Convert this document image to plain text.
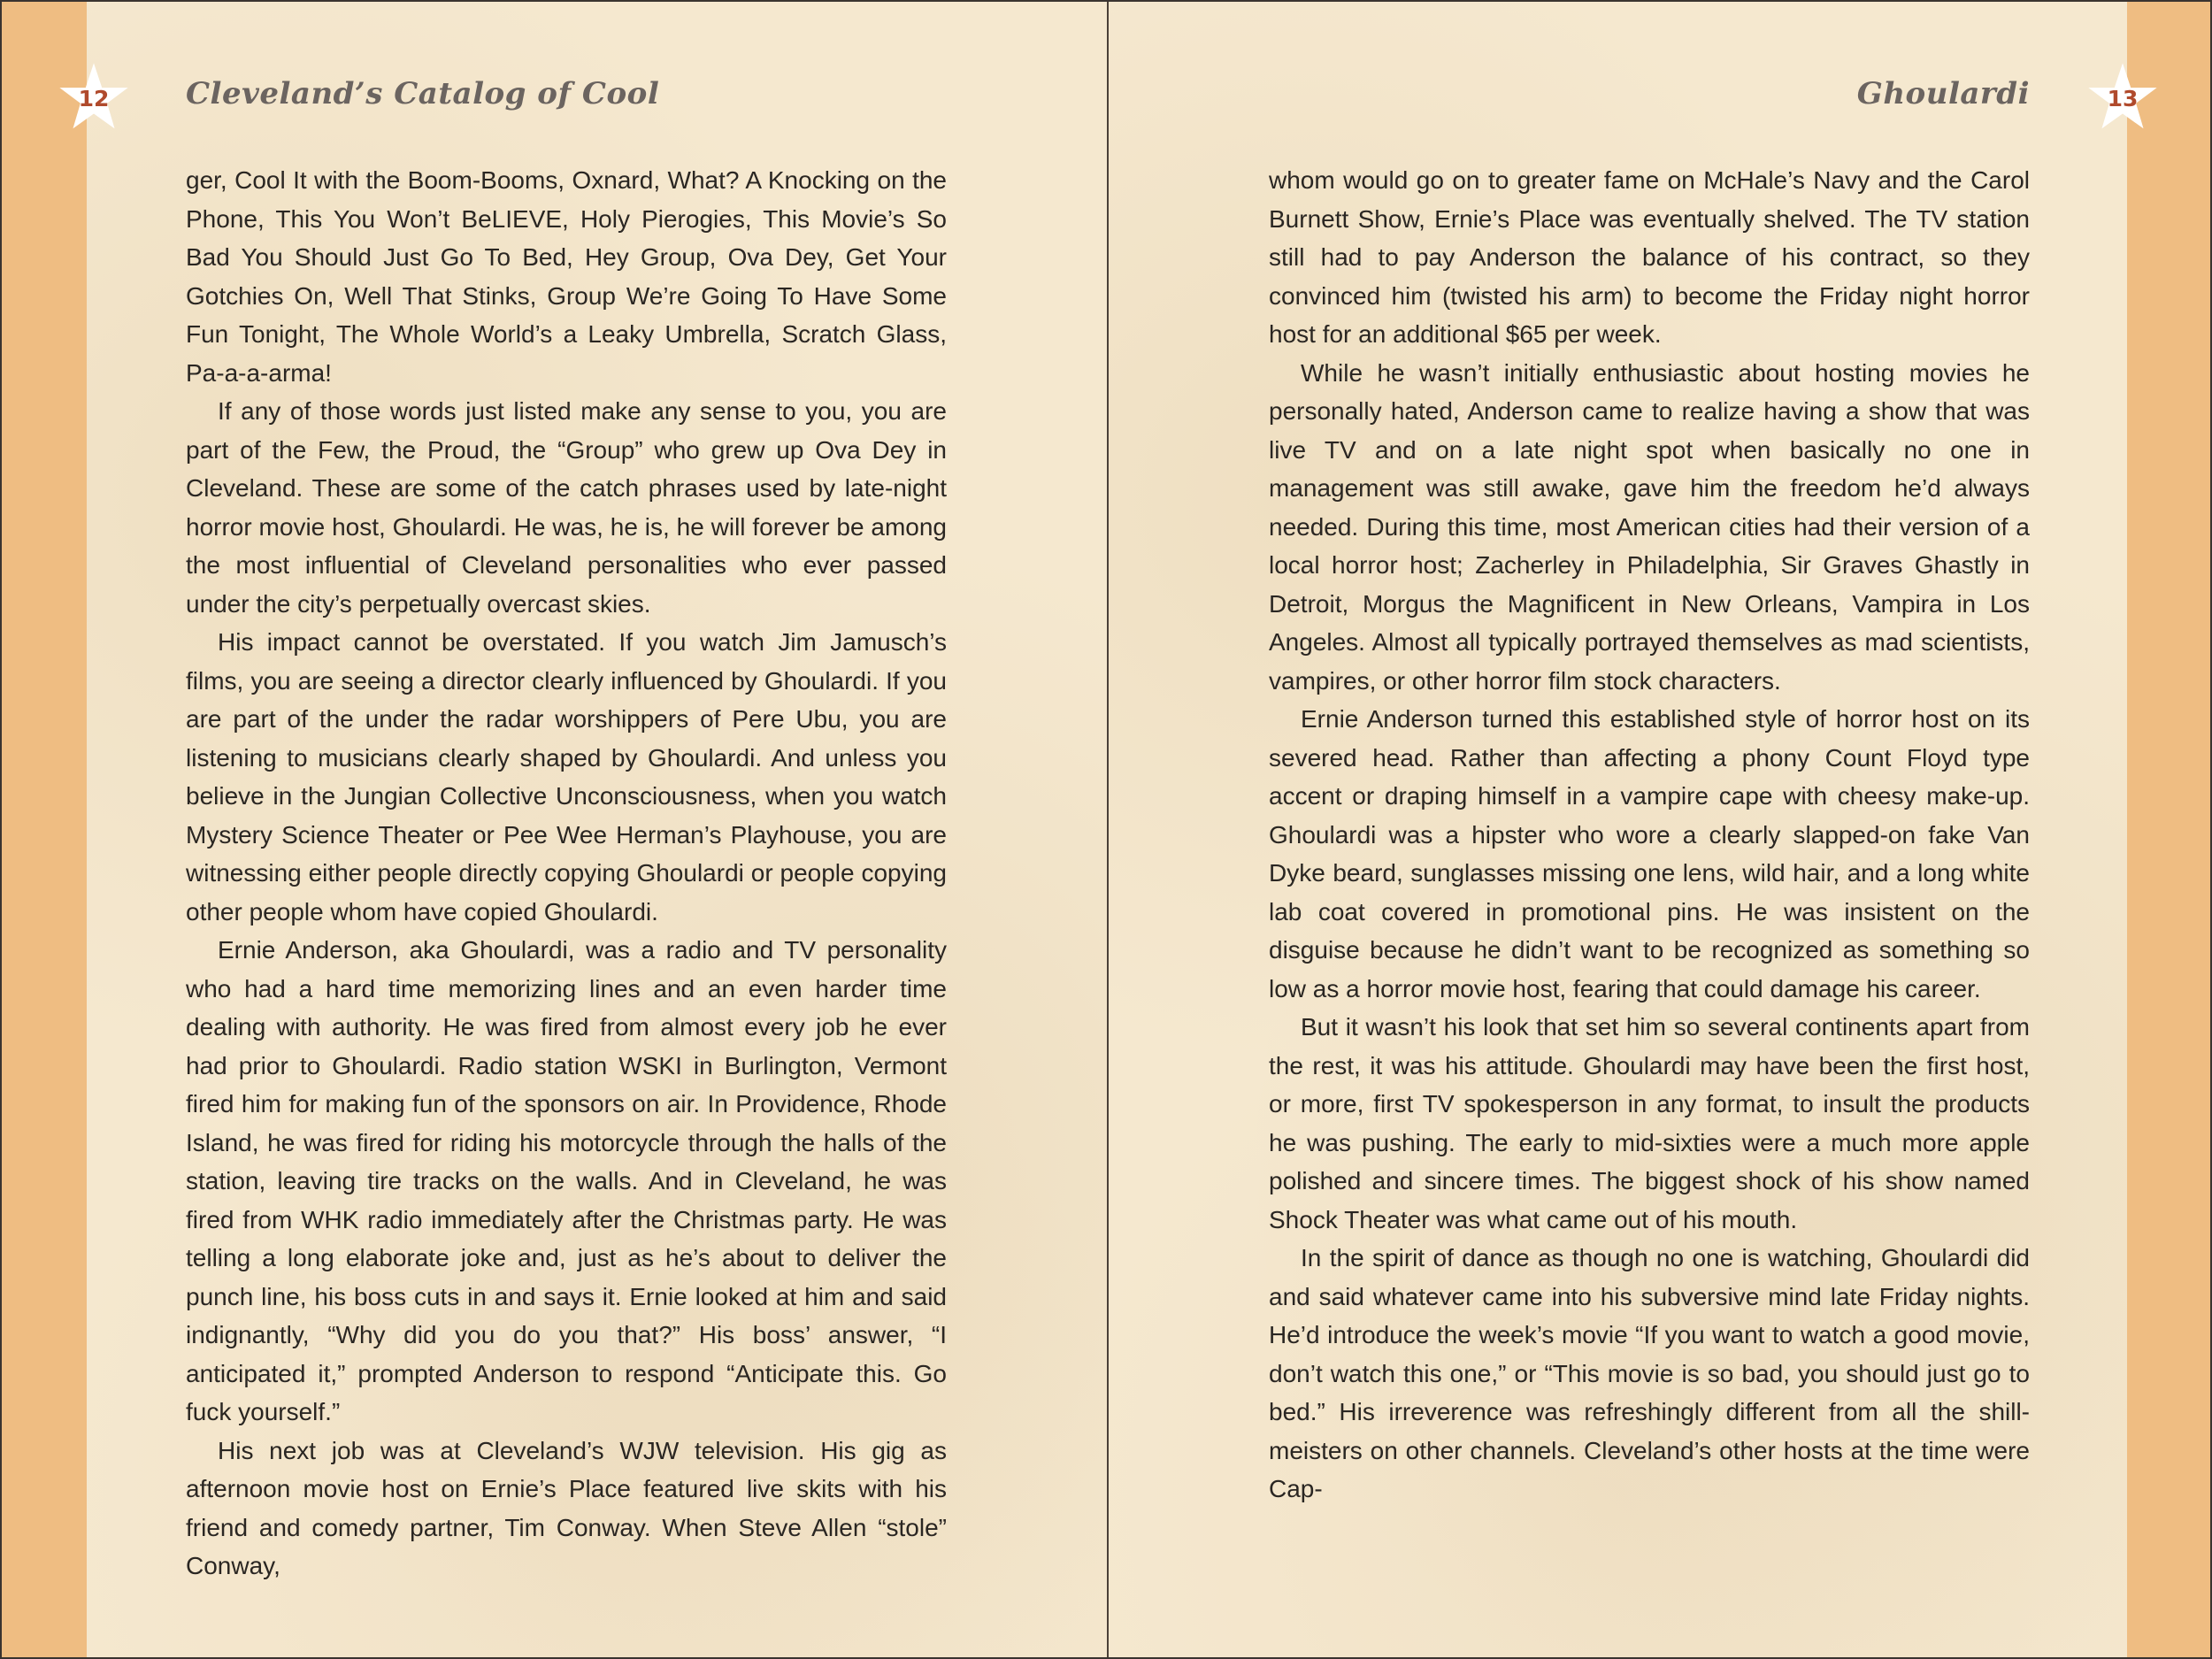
12	13
Cleveland’s Catalog of Cool	Ghoulardi

ger, Cool It with the Boom-Booms, Oxnard, What? A Knocking on the Phone, This You Won’t BeLIEVE, Holy Pierogies, This Movie’s So Bad You Should Just Go To Bed, Hey Group, Ova Dey, Get Your Gotchies On, Well That Stinks, Group We’re Going To Have Some Fun Tonight, The Whole World’s a Leaky Umbrella, Scratch Glass, Pa-a-a-arma!

If any of those words just listed make any sense to you, you are part of the Few, the Proud, the “Group” who grew up Ova Dey in Cleveland. These are some of the catch phrases used by late-night horror movie host, Ghoulardi. He was, he is, he will forever be among the most influential of Cleveland personalities who ever passed under the city’s perpetually overcast skies.

His impact cannot be overstated. If you watch Jim Jamusch’s films, you are seeing a director clearly influenced by Ghoulardi. If you are part of the under the radar worshippers of Pere Ubu, you are listening to musicians clearly shaped by Ghoulardi. And unless you believe in the Jungian Collective Unconsciousness, when you watch Mystery Science Theater or Pee Wee Herman’s Playhouse, you are witnessing either people directly copying Ghoulardi or people copying other people whom have copied Ghoulardi.

Ernie Anderson, aka Ghoulardi, was a radio and TV personality who had a hard time memorizing lines and an even harder time dealing with authority. He was fired from almost every job he ever had prior to Ghoulardi. Radio station WSKI in Burlington, Vermont fired him for making fun of the sponsors on air. In Providence, Rhode Island, he was fired for riding his motorcycle through the halls of the station, leaving tire tracks on the walls. And in Cleveland, he was fired from WHK radio immediately after the Christmas party. He was telling a long elaborate joke and, just as he’s about to deliver the punch line, his boss cuts in and says it. Ernie looked at him and said indignantly, “Why did you do you that?” His boss’ answer, “I anticipated it,” prompted Anderson to respond “Anticipate this. Go fuck yourself.”

His next job was at Cleveland’s WJW television. His gig as afternoon movie host on Ernie’s Place featured live skits with his friend and comedy partner, Tim Conway. When Steve Allen “stole” Conway,

whom would go on to greater fame on McHale’s Navy and the Carol Burnett Show, Ernie’s Place was eventually shelved. The TV station still had to pay Anderson the balance of his contract, so they convinced him (twisted his arm) to become the Friday night horror host for an additional $65 per week.

While he wasn’t initially enthusiastic about hosting movies he personally hated, Anderson came to realize having a show that was live TV and on a late night spot when basically no one in management was still awake, gave him the freedom he’d always needed. During this time, most American cities had their version of a local horror host; Zacherley in Philadelphia, Sir Graves Ghastly in Detroit, Morgus the Magnificent in New Orleans, Vampira in Los Angeles. Almost all typically portrayed themselves as mad scientists, vampires, or other horror film stock characters.

Ernie Anderson turned this established style of horror host on its severed head. Rather than affecting a phony Count Floyd type accent or draping himself in a vampire cape with cheesy make-up. Ghoulardi was a hipster who wore a clearly slapped-on fake Van Dyke beard, sunglasses missing one lens, wild hair, and a long white lab coat covered in promotional pins. He was insistent on the disguise because he didn’t want to be recognized as something so low as a horror movie host, fearing that could damage his career.

But it wasn’t his look that set him so several continents apart from the rest, it was his attitude. Ghoulardi may have been the first host, or more, first TV spokesperson in any format, to insult the products he was pushing. The early to mid-sixties were a much more apple polished and sincere times. The biggest shock of his show named Shock Theater was what came out of his mouth.

In the spirit of dance as though no one is watching, Ghoulardi did and said whatever came into his subversive mind late Friday nights. He’d introduce the week’s movie “If you want to watch a good movie, don’t watch this one,” or “This movie is so bad, you should just go to bed.” His irreverence was refreshingly different from all the shill-meisters on other channels. Cleveland’s other hosts at the time were Cap-
